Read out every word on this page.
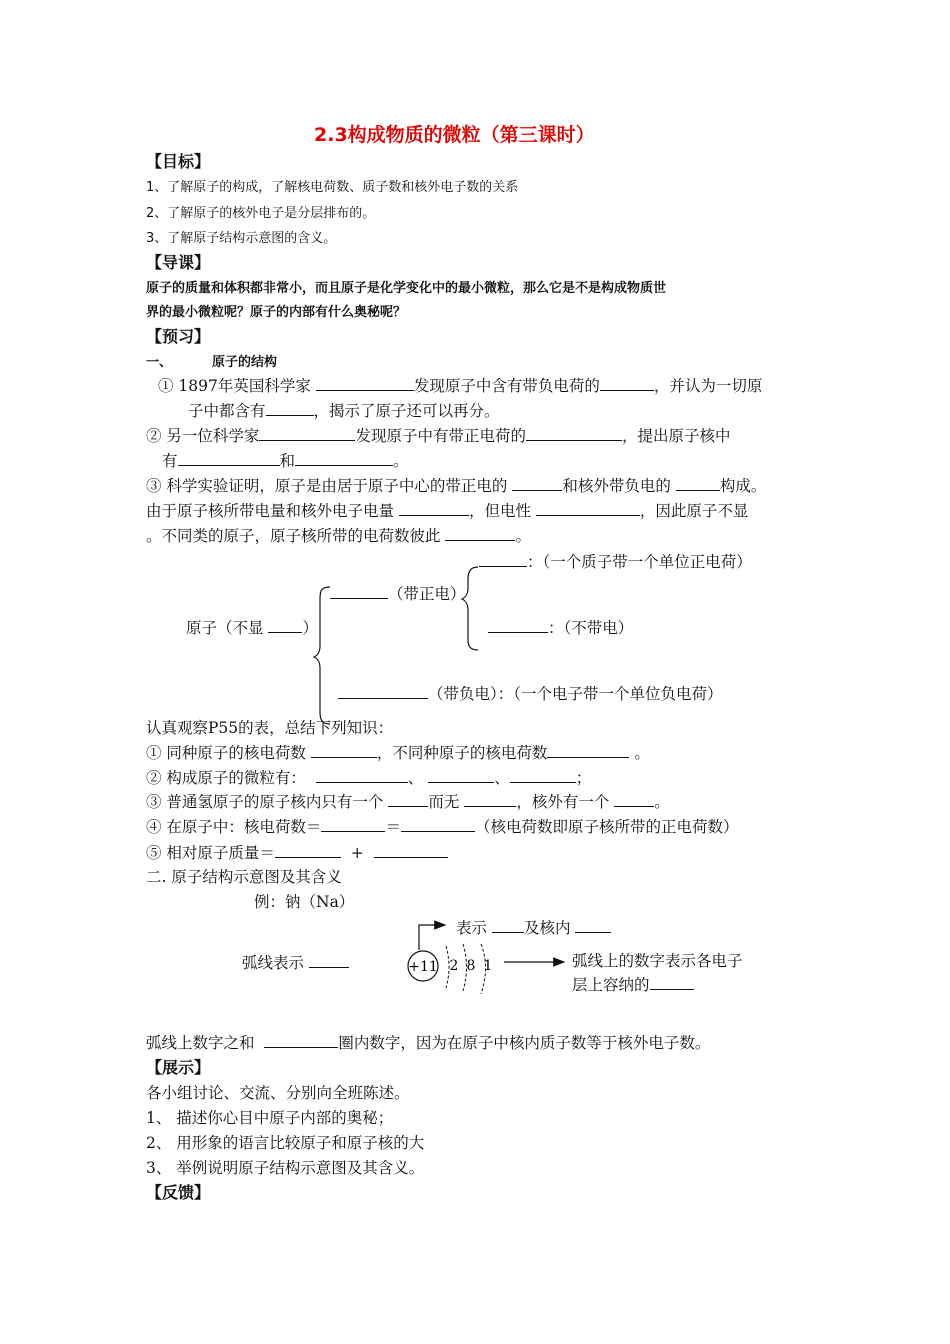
2.3构成物质的微粒（第三课时）
【目标】
1、了解原子的构成，了解核电荷数、质子数和核外电子数的关系
2、了解原子的核外电子是分层排布的。
3、了解原子结构示意图的含义。
【导课】
原子的质量和体积都非常小，而且原子是化学变化中的最小微粒，那么它是不是构成物质世
界的最小微粒呢？原子的内部有什么奥秘呢？
【预习】
一、	原子的结构
① 1897年英国科学家	发现原子中含有带负电荷的	，并认为一切原
子中都含有	，揭示了原子还可以再分。
② 另一位科学家	发现原子中有带正电荷的	，提出原子核中
有	和	。
③ 科学实验证明，原子是由居于原子中心的带正电的	和核外带负电的	构成。
由于原子核所带电量和核外电子电量	，但电性	，因此原子不显
。不同类的原子，原子核所带的电荷数彼此	。
：（一个质子带一个单位正电荷）
（带正电）
原子（不显	）	：（不带电）
（带负电）：（一个电子带一个单位负电荷）
认真观察P55的表，总结下列知识：
① 同种原子的核电荷数	，不同种原子的核电荷数	。
② 构成原子的微粒有：	、	、	；
③ 普通氢原子的原子核内只有一个	而无	，核外有一个	。
④ 在原子中：核电荷数＝	＝	（核电荷数即原子核所带的正电荷数）
⑤ 相对原子质量＝	+
二. 原子结构示意图及其含义
例：钠（Na）
表示 及核内
弧线表示	+11 2 8 1	弧线上的数字表示各电子
层上容纳的
弧线上数字之和	圈内数字，因为在原子中核内质子数等于核外电子数。
【展示】
各小组讨论、交流、分别向全班陈述。
1、 描述你心目中原子内部的奥秘；
2、 用形象的语言比较原子和原子核的大
3、 举例说明原子结构示意图及其含义。
【反馈】
